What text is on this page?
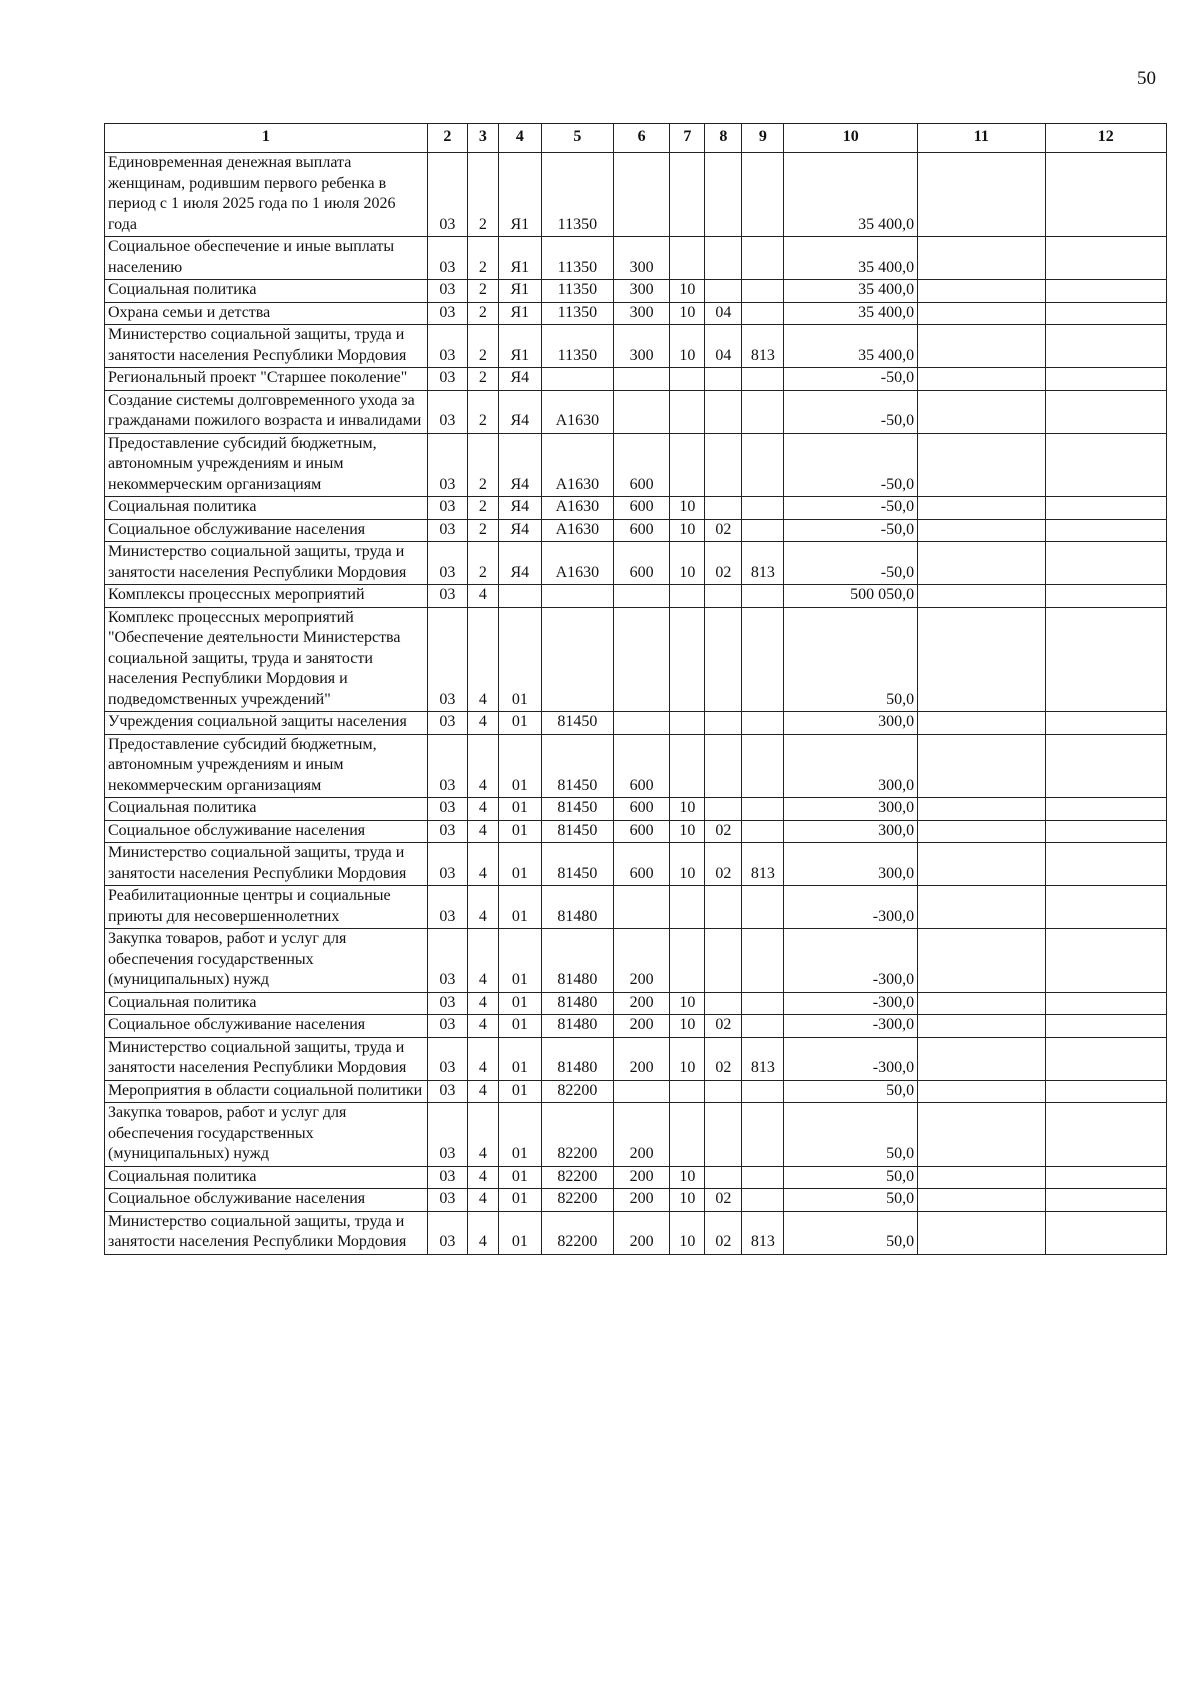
50
1	2	3	4	5	6	7	8	9	10	11	12
Единовременная денежная выплата женщинам, родившим первого ребенка в период с 1 июля 2025 года по 1 июля 2026 года	03	2	Я1	11350					35 400,0		
Социальное обеспечение и иные выплаты населению	03	2	Я1	11350	300				35 400,0		
Социальная политика	03	2	Я1	11350	300	10			35 400,0		
Охрана семьи и детства	03	2	Я1	11350	300	10	04		35 400,0		
Министерство социальной защиты, труда и занятости населения Республики Мордовия	03	2	Я1	11350	300	10	04	813	35 400,0		
Региональный проект "Старшее поколение"	03	2	Я4						-50,0		
Создание системы долговременного ухода за гражданами пожилого возраста и инвалидами	03	2	Я4	А1630					-50,0		
Предоставление субсидий бюджетным, автономным учреждениям и иным некоммерческим организациям	03	2	Я4	А1630	600				-50,0		
Социальная политика	03	2	Я4	А1630	600	10			-50,0		
Социальное обслуживание населения	03	2	Я4	А1630	600	10	02		-50,0		
Министерство социальной защиты, труда и занятости населения Республики Мордовия	03	2	Я4	А1630	600	10	02	813	-50,0		
Комплексы процессных мероприятий	03	4							500 050,0		
Комплекс процессных мероприятий "Обеспечение деятельности Министерства социальной защиты, труда и занятости населения Республики Мордовия и подведомственных учреждений"	03	4	01						50,0		
Учреждения социальной защиты населения	03	4	01	81450					300,0		
Предоставление субсидий бюджетным, автономным учреждениям и иным некоммерческим организациям	03	4	01	81450	600				300,0		
Социальная политика	03	4	01	81450	600	10			300,0		
Социальное обслуживание населения	03	4	01	81450	600	10	02		300,0		
Министерство социальной защиты, труда и занятости населения Республики Мордовия	03	4	01	81450	600	10	02	813	300,0		
Реабилитационные центры и социальные приюты для несовершеннолетних	03	4	01	81480					-300,0		
Закупка товаров, работ и услуг для обеспечения государственных (муниципальных) нужд	03	4	01	81480	200				-300,0		
Социальная политика	03	4	01	81480	200	10			-300,0		
Социальное обслуживание населения	03	4	01	81480	200	10	02		-300,0		
Министерство социальной защиты, труда и занятости населения Республики Мордовия	03	4	01	81480	200	10	02	813	-300,0		
Мероприятия в области социальной политики	03	4	01	82200					50,0		
Закупка товаров, работ и услуг для обеспечения государственных (муниципальных) нужд	03	4	01	82200	200				50,0		
Социальная политика	03	4	01	82200	200	10			50,0		
Социальное обслуживание населения	03	4	01	82200	200	10	02		50,0		
Министерство социальной защиты, труда и занятости населения Республики Мордовия	03	4	01	82200	200	10	02	813	50,0		
